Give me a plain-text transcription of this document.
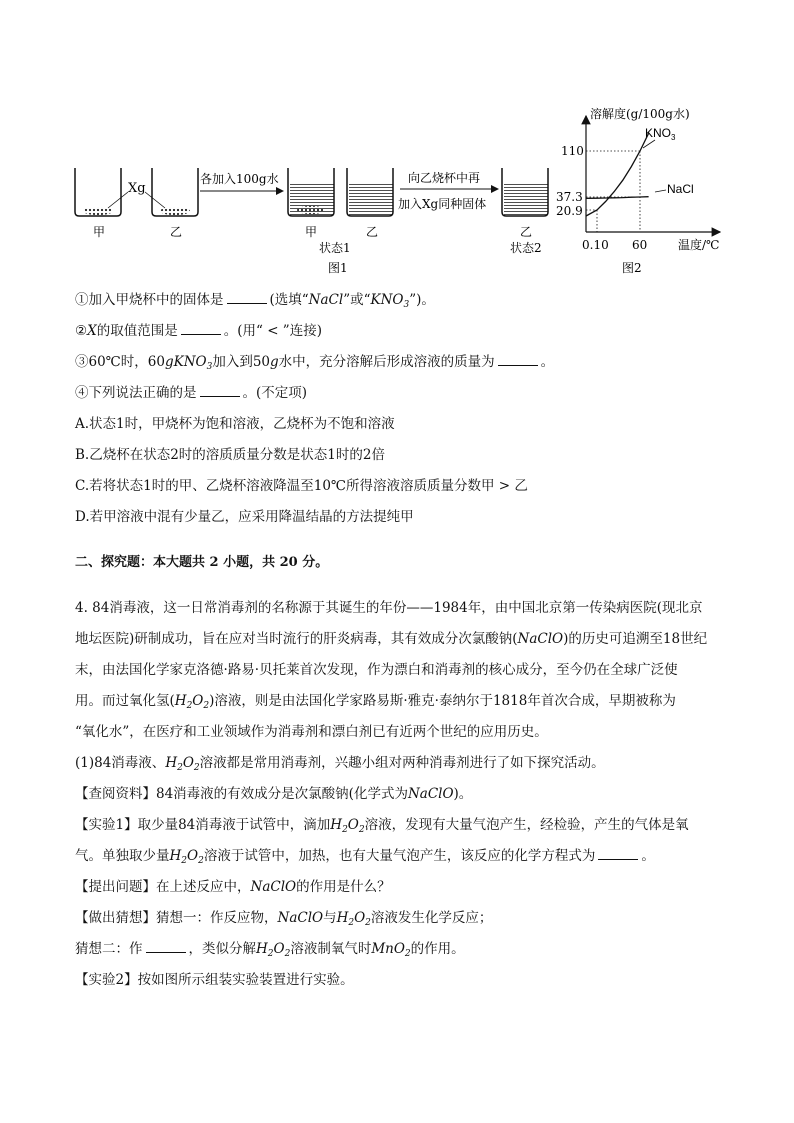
Xg
甲	乙
各加入100g水
甲	乙
状态1
图1
向乙烧杯中再
加入Xg同种固体
乙
状态2
溶解度(g/100g水)
温度/℃
图2
110
37.3
20.9
0.10 60
$KNO_3$
NaCl
①加入甲烧杯中的固体是	(选填“NaCl”或“$KNO_3$”)。
②X的取值范围是	。(用“ < ”连接)
③60℃时，60gKNO$_3$加入到50g水中，充分溶解后形成溶液的质量为	。
④下列说法正确的是	。(不定项)
A.状态1时，甲烧杯为饱和溶液，乙烧杯为不饱和溶液
B.乙烧杯在状态2时的溶质质量分数是状态1时的2倍
C.若将状态1时的甲、乙烧杯溶液降温至10℃所得溶液溶质质量分数甲 > 乙
D.若甲溶液中混有少量乙，应采用降温结晶的方法提纯甲
二、探究题：本大题共 2 小题，共 20 分。
4. 84消毒液，这一日常消毒剂的名称源于其诞生的年份——1984年，由中国北京第一传染病医院(现北京
地坛医院)研制成功，旨在应对当时流行的肝炎病毒，其有效成分次氯酸钠(NaClO)的历史可追溯至18世纪
末，由法国化学家克洛德·路易·贝托莱首次发现，作为漂白和消毒剂的核心成分，至今仍在全球广泛使
用。而过氧化氢$(H_2O_2)$溶液，则是由法国化学家路易斯·雅克·泰纳尔于1818年首次合成，早期被称为
“氧化水”，在医疗和工业领域作为消毒剂和漂白剂已有近两个世纪的应用历史。
(1)84消毒液、$H_2O_2$溶液都是常用消毒剂，兴趣小组对两种消毒剂进行了如下探究活动。
【查阅资料】84消毒液的有效成分是次氯酸钠(化学式为NaClO)。
【实验1】取少量84消毒液于试管中，滴加$H_2O_2$溶液，发现有大量气泡产生，经检验，产生的气体是氧
气。单独取少量$H_2O_2$溶液于试管中，加热，也有大量气泡产生，该反应的化学方程式为	。
【提出问题】在上述反应中，NaClO的作用是什么？
【做出猜想】猜想一：作反应物，NaClO与$H_2O_2$溶液发生化学反应；
猜想二：作	，类似分解$H_2O_2$溶液制氧气时MnO$_2$的作用。
【实验2】按如图所示组装实验装置进行实验。
